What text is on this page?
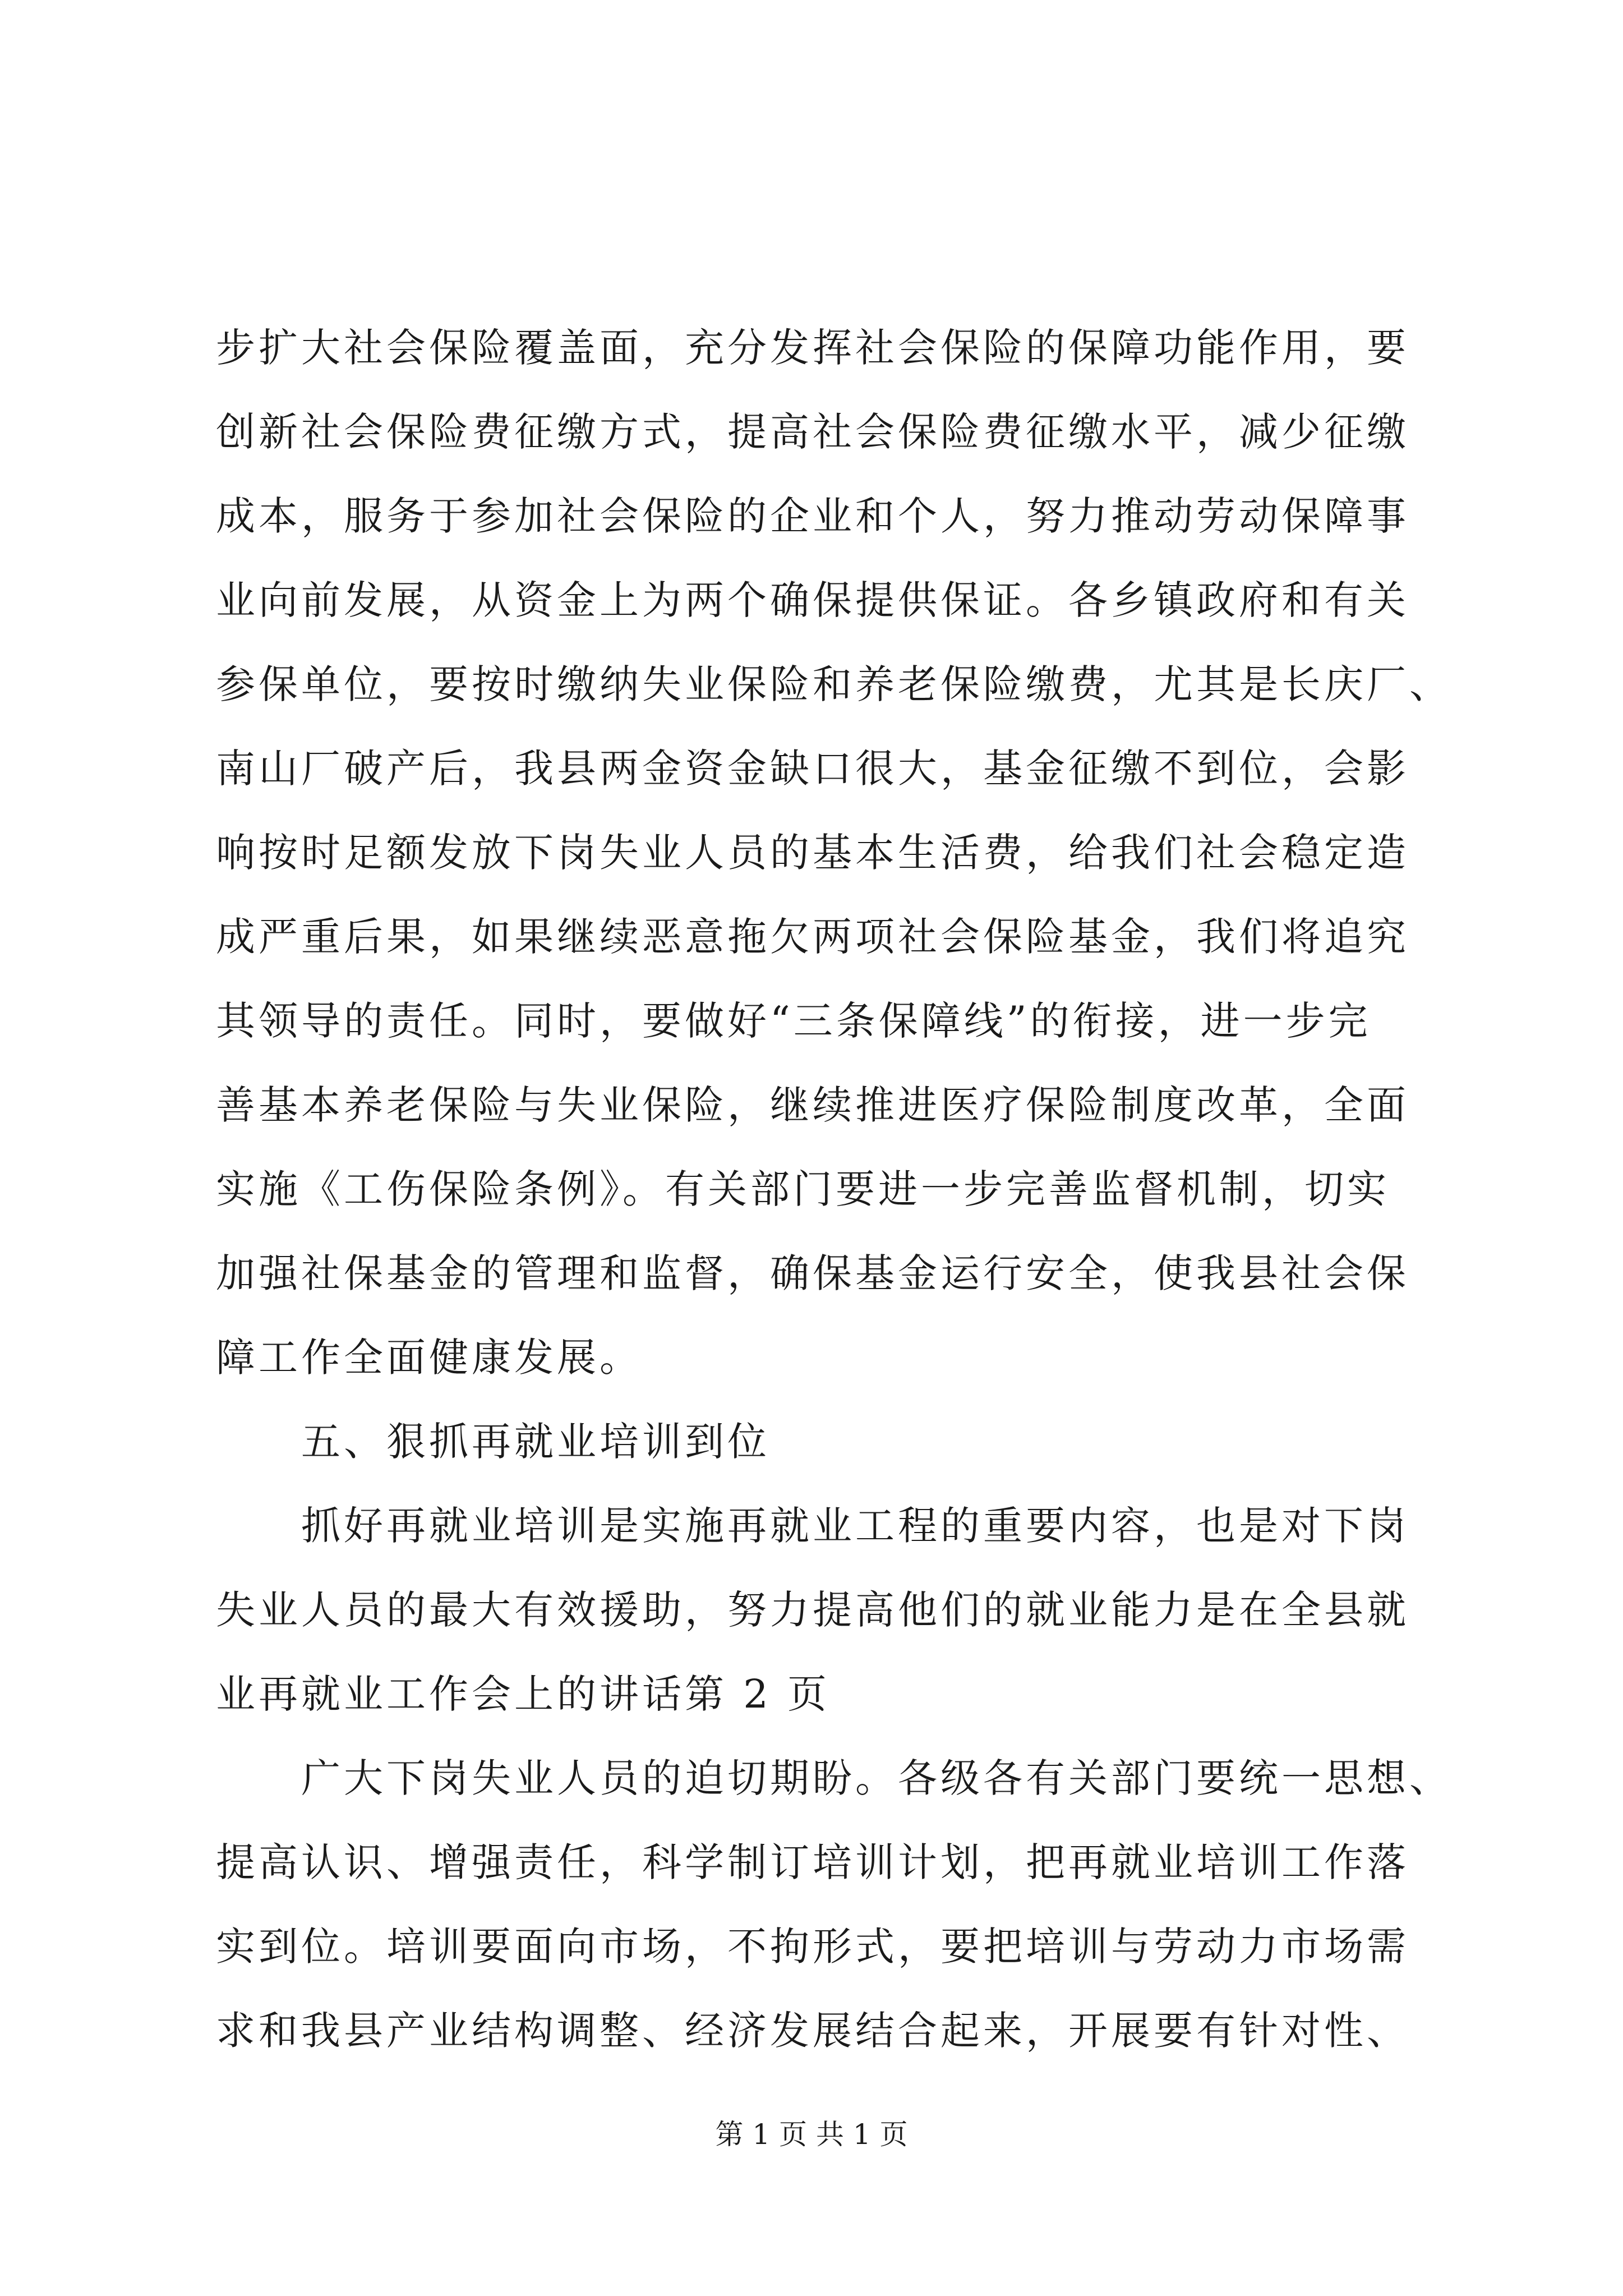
步扩大社会保险覆盖面，充分发挥社会保险的保障功能作用，要
创新社会保险费征缴方式，提高社会保险费征缴水平，减少征缴
成本，服务于参加社会保险的企业和个人，努力推动劳动保障事
业向前发展，从资金上为两个确保提供保证。各乡镇政府和有关
参保单位，要按时缴纳失业保险和养老保险缴费，尤其是长庆厂、
南山厂破产后，我县两金资金缺口很大，基金征缴不到位，会影
响按时足额发放下岗失业人员的基本生活费，给我们社会稳定造
成严重后果，如果继续恶意拖欠两项社会保险基金，我们将追究
其领导的责任。同时，要做好“三条保障线”的衔接，进一步完
善基本养老保险与失业保险，继续推进医疗保险制度改革，全面
实施《工伤保险条例》。有关部门要进一步完善监督机制，切实
加强社保基金的管理和监督，确保基金运行安全，使我县社会保
障工作全面健康发展。
　　五、狠抓再就业培训到位
　　抓好再就业培训是实施再就业工程的重要内容，也是对下岗
失业人员的最大有效援助，努力提高他们的就业能力是在全县就
业再就业工作会上的讲话第 2 页
　　广大下岗失业人员的迫切期盼。各级各有关部门要统一思想、
提高认识、增强责任，科学制订培训计划，把再就业培训工作落
实到位。培训要面向市场，不拘形式，要把培训与劳动力市场需
求和我县产业结构调整、经济发展结合起来，开展要有针对性、
第 1 页 共 1 页
